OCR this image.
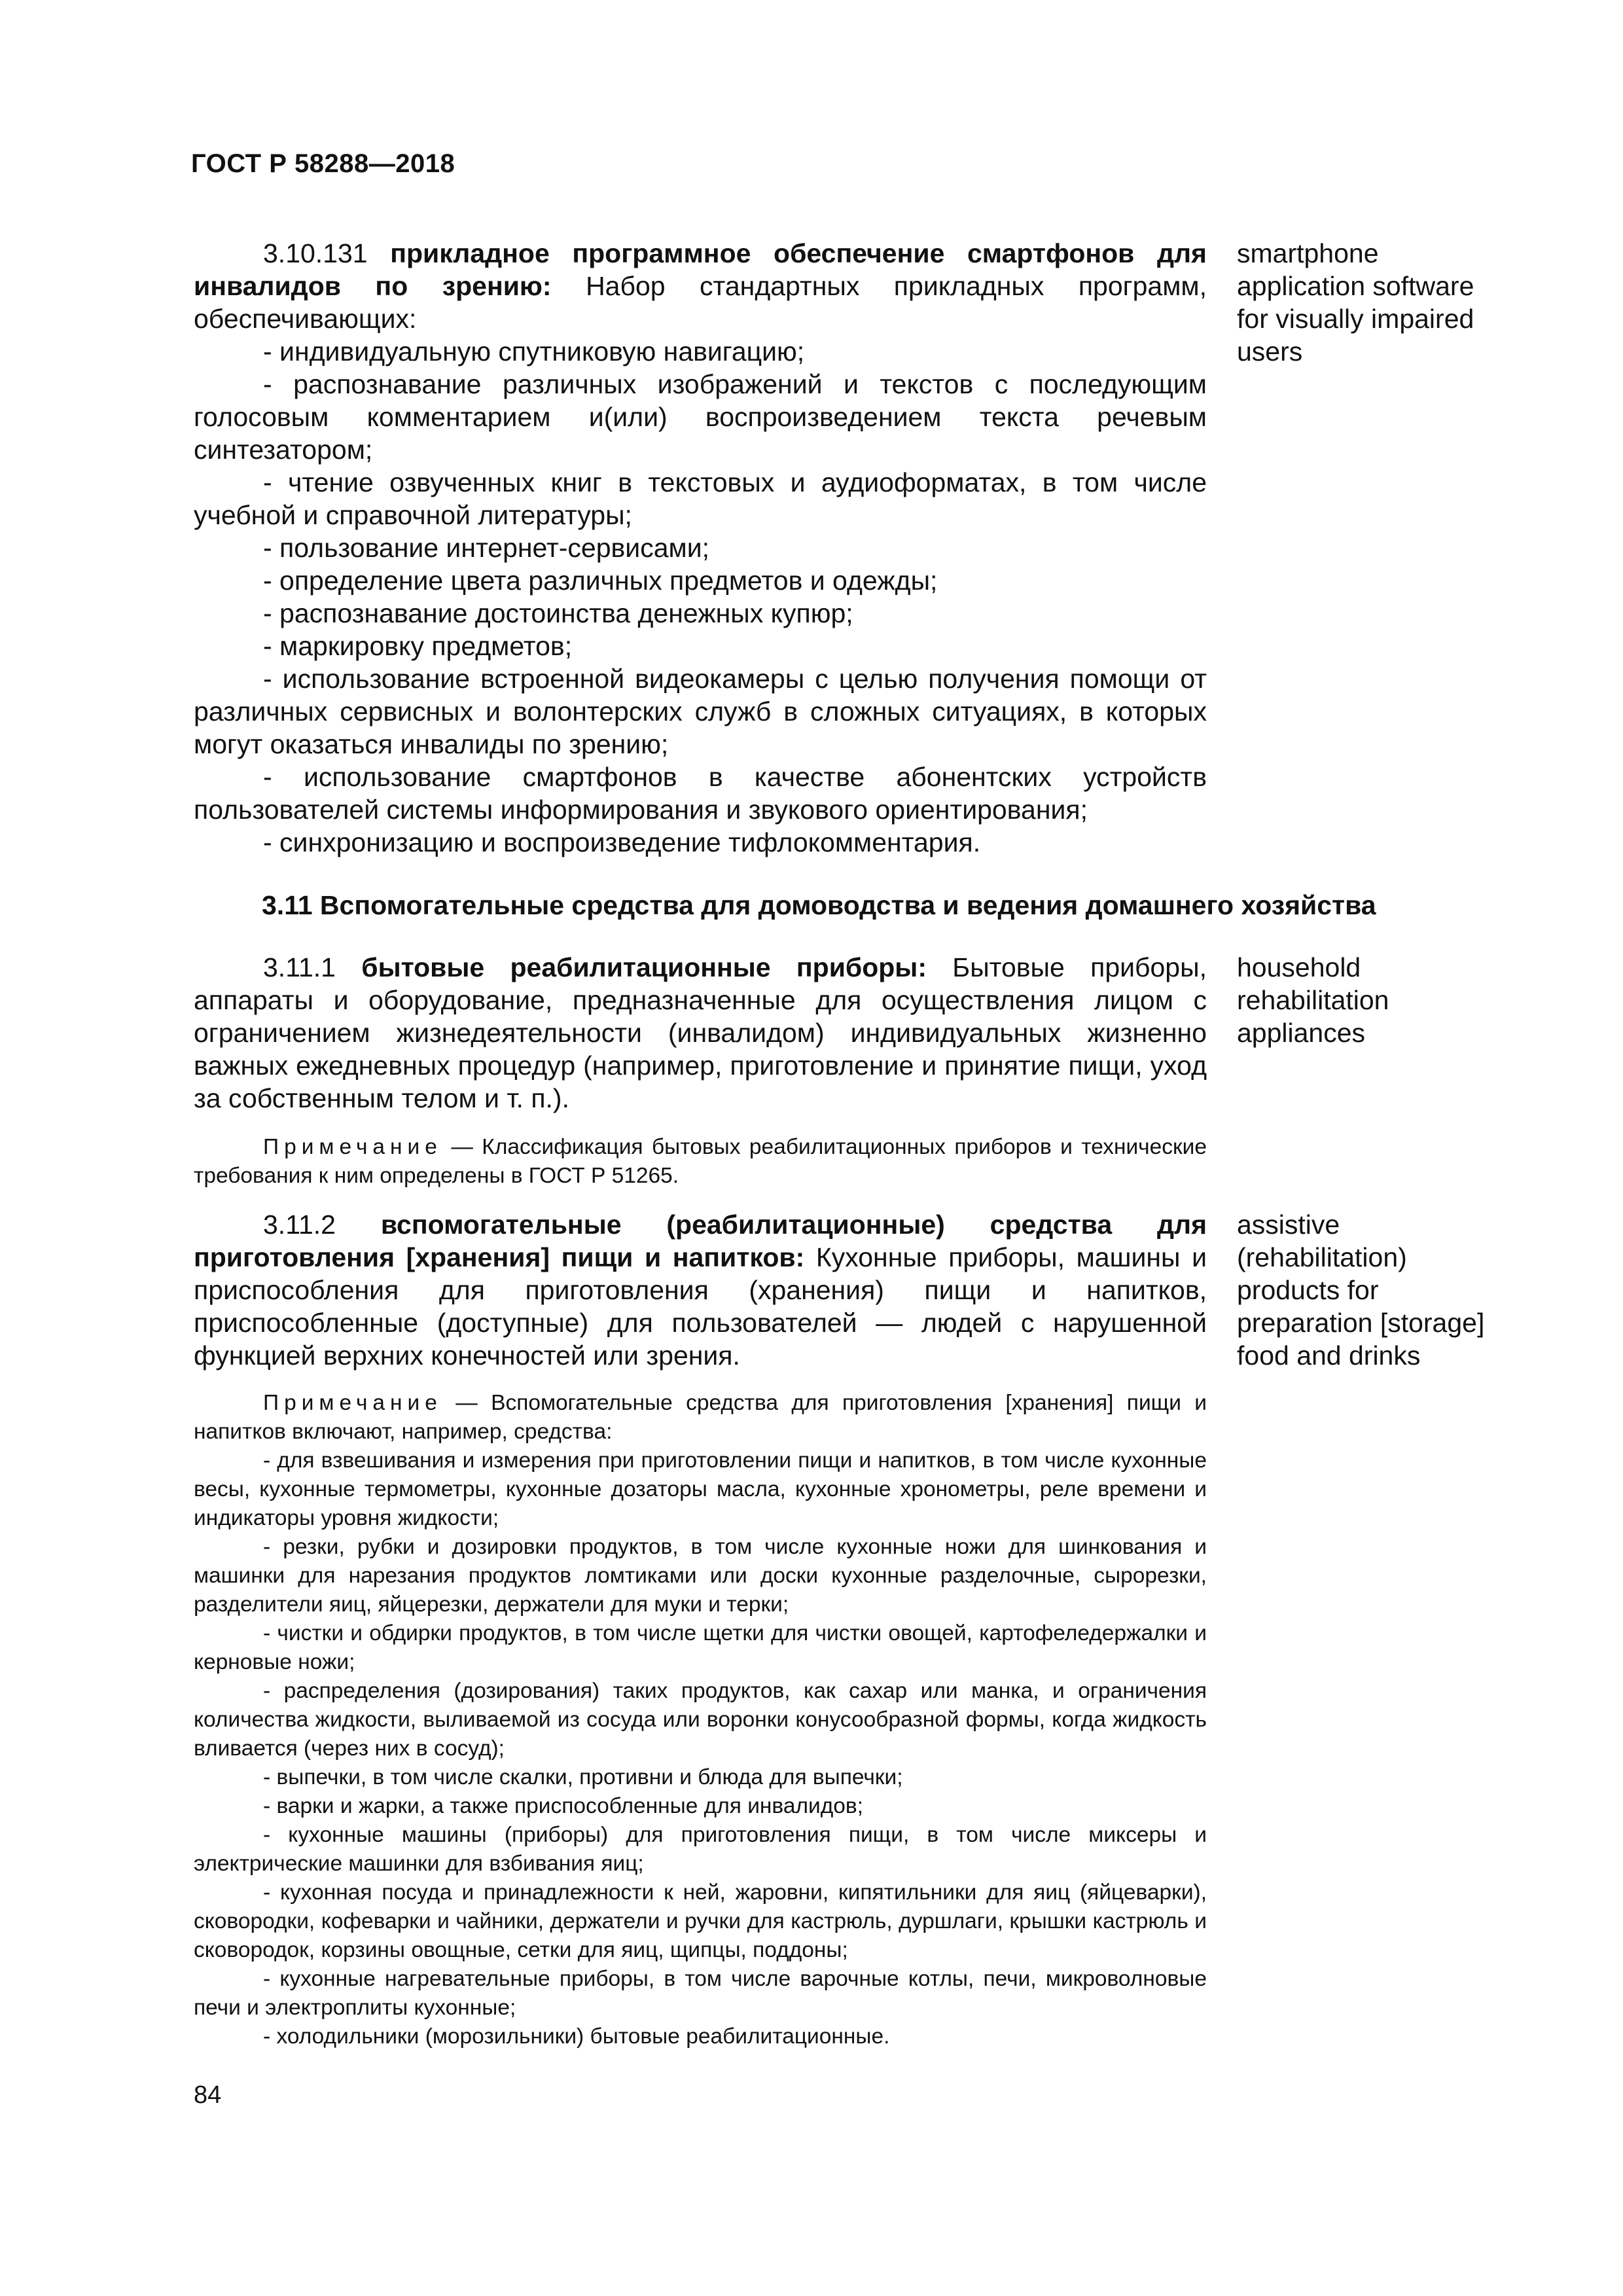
ГОСТ Р 58288—2018

3.10.131 прикладное программное обеспечение смартфонов для инвалидов по зрению: Набор стандартных прикладных программ, обеспечивающих:

- индивидуальную спутниковую навигацию;

- распознавание различных изображений и текстов с последующим голосовым комментарием и(или) воспроизведением текста речевым синтезатором;

- чтение озвученных книг в текстовых и аудиоформатах, в том числе учебной и справочной литературы;

- пользование интернет-сервисами;

- определение цвета различных предметов и одежды;

- распознавание достоинства денежных купюр;

- маркировку предметов;

- использование встроенной видеокамеры с целью получения помощи от различных сервисных и волонтерских служб в сложных ситуациях, в которых могут оказаться инвалиды по зрению;

- использование смартфонов в качестве абонентских устройств пользователей системы информирования и звукового ориентирования;

- синхронизацию и воспроизведение тифлокомментария.

smartphone application software for visually impaired users
3.11 Вспомогательные средства для домоводства и ведения домашнего хозяйства

3.11.1 бытовые реабилитационные приборы: Бытовые приборы, аппараты и оборудование, предназначенные для осуществления лицом с ограничением жизнедеятельности (инвалидом) индивидуальных жизненно важных ежедневных процедур (например, приготовление и принятие пищи, уход за собственным телом и т. п.).

Примечание — Классификация бытовых реабилитационных приборов и технические требования к ним определены в ГОСТ Р 51265.

household rehabilitation appliances

3.11.2 вспомогательные (реабилитационные) средства для приготовления [хранения] пищи и напитков: Кухонные приборы, машины и приспособления для приготовления (хранения) пищи и напитков, приспособленные (доступные) для пользователей — людей с нарушенной функцией верхних конечностей или зрения.

Примечание — Вспомогательные средства для приготовления [хранения] пищи и напитков включают, например, средства:

- для взвешивания и измерения при приготовлении пищи и напитков, в том числе кухонные весы, кухонные термометры, кухонные дозаторы масла, кухонные хронометры, реле времени и индикаторы уровня жидкости;

- резки, рубки и дозировки продуктов, в том числе кухонные ножи для шинкования и машинки для нарезания продуктов ломтиками или доски кухонные разделочные, сырорезки, разделители яиц, яйцерезки, держатели для муки и терки;

- чистки и обдирки продуктов, в том числе щетки для чистки овощей, картофеледержалки и керновые ножи;

- распределения (дозирования) таких продуктов, как сахар или манка, и ограничения количества жидкости, выливаемой из сосуда или воронки конусообразной формы, когда жидкость вливается (через них в сосуд);

- выпечки, в том числе скалки, противни и блюда для выпечки;

- варки и жарки, а также приспособленные для инвалидов;

- кухонные машины (приборы) для приготовления пищи, в том числе миксеры и электрические машинки для взбивания яиц;

- кухонная посуда и принадлежности к ней, жаровни, кипятильники для яиц (яйцеварки), сковородки, кофеварки и чайники, держатели и ручки для кастрюль, дуршлаги, крышки кастрюль и сковородок, корзины овощные, сетки для яиц, щипцы, поддоны;

- кухонные нагревательные приборы, в том числе варочные котлы, печи, микроволновые печи и электроплиты кухонные;

- холодильники (морозильники) бытовые реабилитационные.

assistive (rehabilitation) products for preparation [storage] food and drinks
84
